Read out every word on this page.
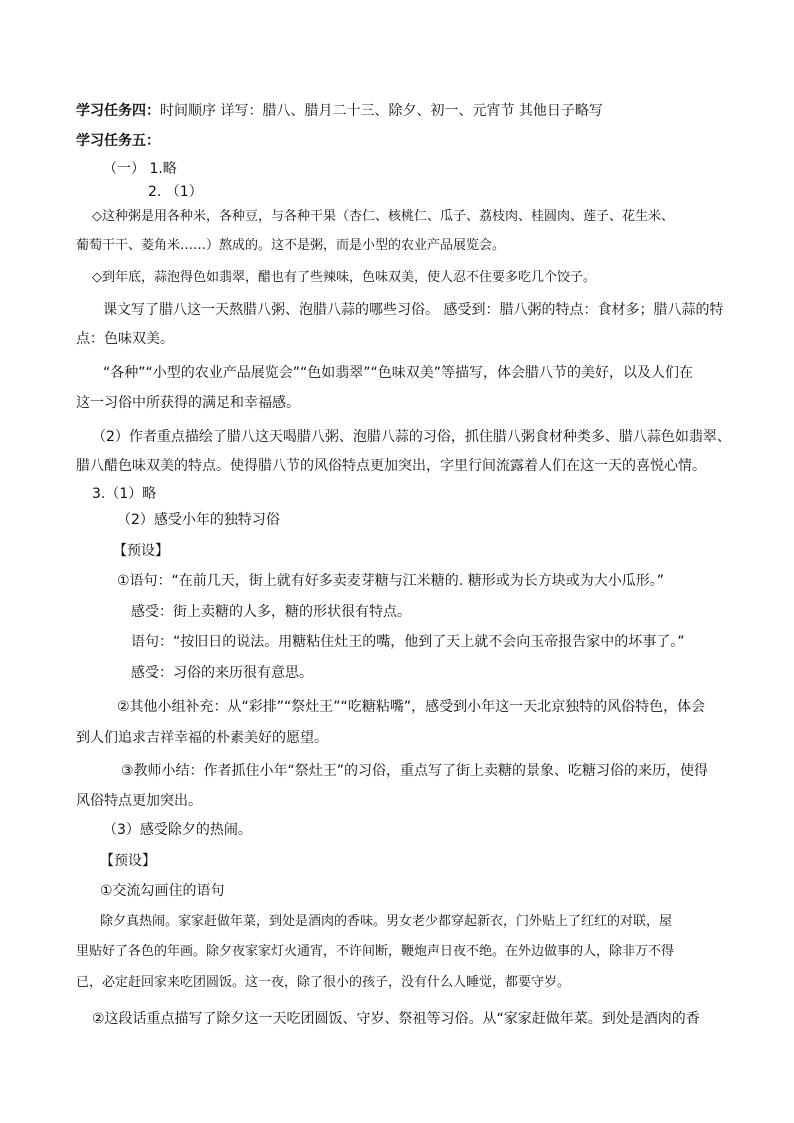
学习任务四：时间顺序 详写：腊八、腊月二十三、除夕、初一、元宵节 其他日子略写
学习任务五：
（一） 1.略
2. （1）
◇这种粥是用各种米，各种豆，与各种干果（杏仁、核桃仁、瓜子、荔枝肉、桂圆肉、莲子、花生米、
葡萄干干、菱角米……）熬成的。这不是粥，而是小型的农业产品展览会。
◇到年底，蒜泡得色如翡翠，醋也有了些辣味，色味双美，使人忍不住要多吃几个饺子。
课文写了腊八这一天熬腊八粥、泡腊八蒜的哪些习俗。 感受到：腊八粥的特点：食材多；腊八蒜的特
点：色味双美。
“各种”“小型的农业产品展览会”“色如翡翠”“色味双美”等描写，体会腊八节的美好，以及人们在
这一习俗中所获得的满足和幸福感。
（2）作者重点描绘了腊八这天喝腊八粥、泡腊八蒜的习俗，抓住腊八粥食材种类多、腊八蒜色如翡翠、
腊八醋色味双美的特点。使得腊八节的风俗特点更加突出，字里行间流露着人们在这一天的喜悦心情。
3.（1）略
（2）感受小年的独特习俗
【预设】
①语句：“在前几天，街上就有好多卖麦芽糖与江米糖的. 糖形或为长方块或为大小瓜形。”
感受：街上卖糖的人多，糖的形状很有特点。
语句：“按旧日的说法。用糖粘住灶王的嘴，他到了天上就不会向玉帝报告家中的坏事了。”
感受：习俗的来历很有意思。
②其他小组补充：从“彩排”“祭灶王”“吃糖粘嘴”，感受到小年这一天北京独特的风俗特色，体会
到人们追求吉祥幸福的朴素美好的愿望。
③教师小结：作者抓住小年“祭灶王”的习俗，重点写了街上卖糖的景象、吃糖习俗的来历，使得
风俗特点更加突出。
（3）感受除夕的热闹。
【预设】
①交流勾画住的语句
除夕真热闹。家家赶做年菜，到处是酒肉的香味。男女老少都穿起新衣，门外贴上了红红的对联，屋
里贴好了各色的年画。除夕夜家家灯火通宵，不许间断，鞭炮声日夜不绝。在外边做事的人，除非万不得
已，必定赶回家来吃团圆饭。这一夜，除了很小的孩子，没有什么人睡觉，都要守岁。
②这段话重点描写了除夕这一天吃团圆饭、守岁、祭祖等习俗。从“家家赶做年菜。到处是酒肉的香
